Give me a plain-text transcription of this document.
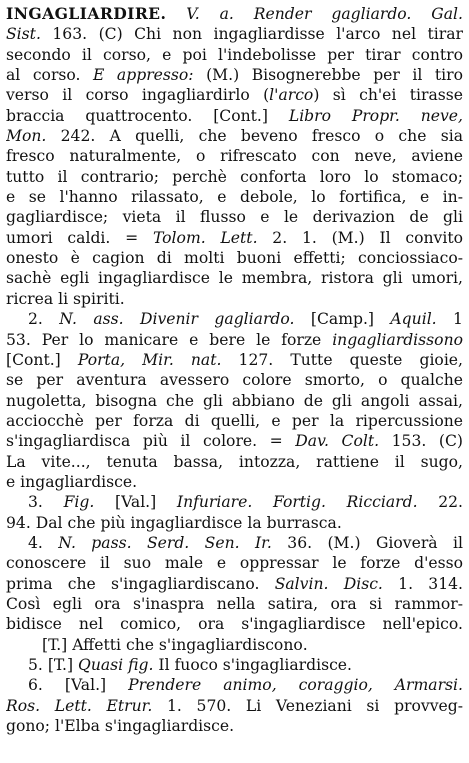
INGAGLIARDIRE. V. a. Render gagliardo. Gal.
Sist. 163. (C) Chi non ingagliardisse l'arco nel tirar
secondo il corso, e poi l'indebolisse per tirar contro
al corso. E appresso: (M.) Bisognerebbe per il tiro
verso il corso ingagliardirlo (l'arco) sì ch'ei tirasse
braccia quattrocento. [Cont.] Libro Propr. neve,
Mon. 242. A quelli, che beveno fresco o che sia
fresco naturalmente, o rifrescato con neve, aviene
tutto il contrario; perchè conforta loro lo stomaco;
e se l'hanno rilassato, e debole, lo fortifica, e in-
gagliardisce; vieta il flusso e le derivazion de gli
umori caldi. = Tolom. Lett. 2. 1. (M.) Il convito
onesto è cagion di molti buoni effetti; conciossiaco-
sachè egli ingagliardisce le membra, ristora gli umori,
ricrea li spiriti.
2. N. ass. Divenir gagliardo. [Camp.] Aquil. 1
53. Per lo manicare e bere le forze ingagliardissono
[Cont.] Porta, Mir. nat. 127. Tutte queste gioie,
se per aventura avessero colore smorto, o qualche
nugoletta, bisogna che gli abbiano de gli angoli assai,
acciocchè per forza di quelli, e per la ripercussione
s'ingagliardisca più il colore. = Dav. Colt. 153. (C)
La vite..., tenuta bassa, intozza, rattiene il sugo,
e ingagliardisce.
3. Fig. [Val.] Infuriare. Fortig. Ricciard. 22.
94. Dal che più ingagliardisce la burrasca.
4. N. pass. Serd. Sen. Ir. 36. (M.) Gioverà il
conoscere il suo male e oppressar le forze d'esso
prima che s'ingagliardiscano. Salvin. Disc. 1. 314.
Così egli ora s'inaspra nella satira, ora si rammor-
bidisce nel comico, ora s'ingagliardisce nell'epico.
[T.] Affetti che s'ingagliardisconо.
5. [T.] Quasi fig. Il fuoco s'ingagliardisce.
6. [Val.] Prendere animo, coraggio, Armarsi.
Ros. Lett. Etrur. 1. 570. Li Veneziani si provveg-
gono; l'Elba s'ingagliardisce.
